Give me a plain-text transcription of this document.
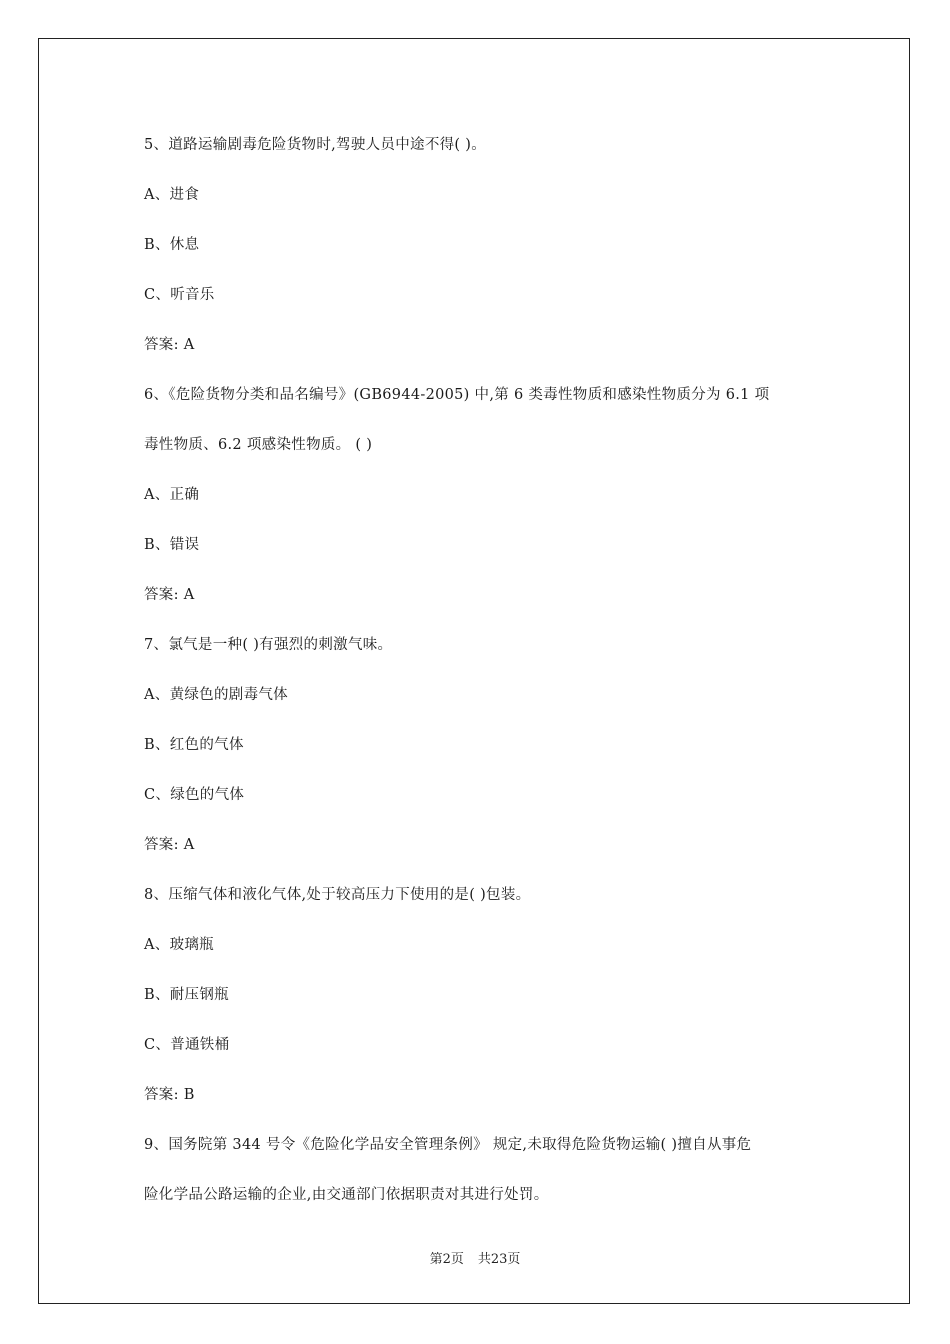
5、道路运输剧毒危险货物时,驾驶人员中途不得( )。
A、进食
B、休息
C、听音乐
答案: A
6、《危险货物分类和品名编号》(GB6944-2005) 中,第 6 类毒性物质和感染性物质分为 6.1 项
毒性物质、6.2 项感染性物质。 ( )
A、正确
B、错误
答案: A
7、氯气是一种( )有强烈的刺激气味。
A、黄绿色的剧毒气体
B、红色的气体
C、绿色的气体
答案: A
8、压缩气体和液化气体,处于较高压力下使用的是( )包装。
A、玻璃瓶
B、耐压钢瓶
C、普通铁桶
答案: B
9、国务院第 344 号令《危险化学品安全管理条例》 规定,未取得危险货物运输( )擅自从事危
险化学品公路运输的企业,由交通部门依据职责对其进行处罚。
第2页 共23页
